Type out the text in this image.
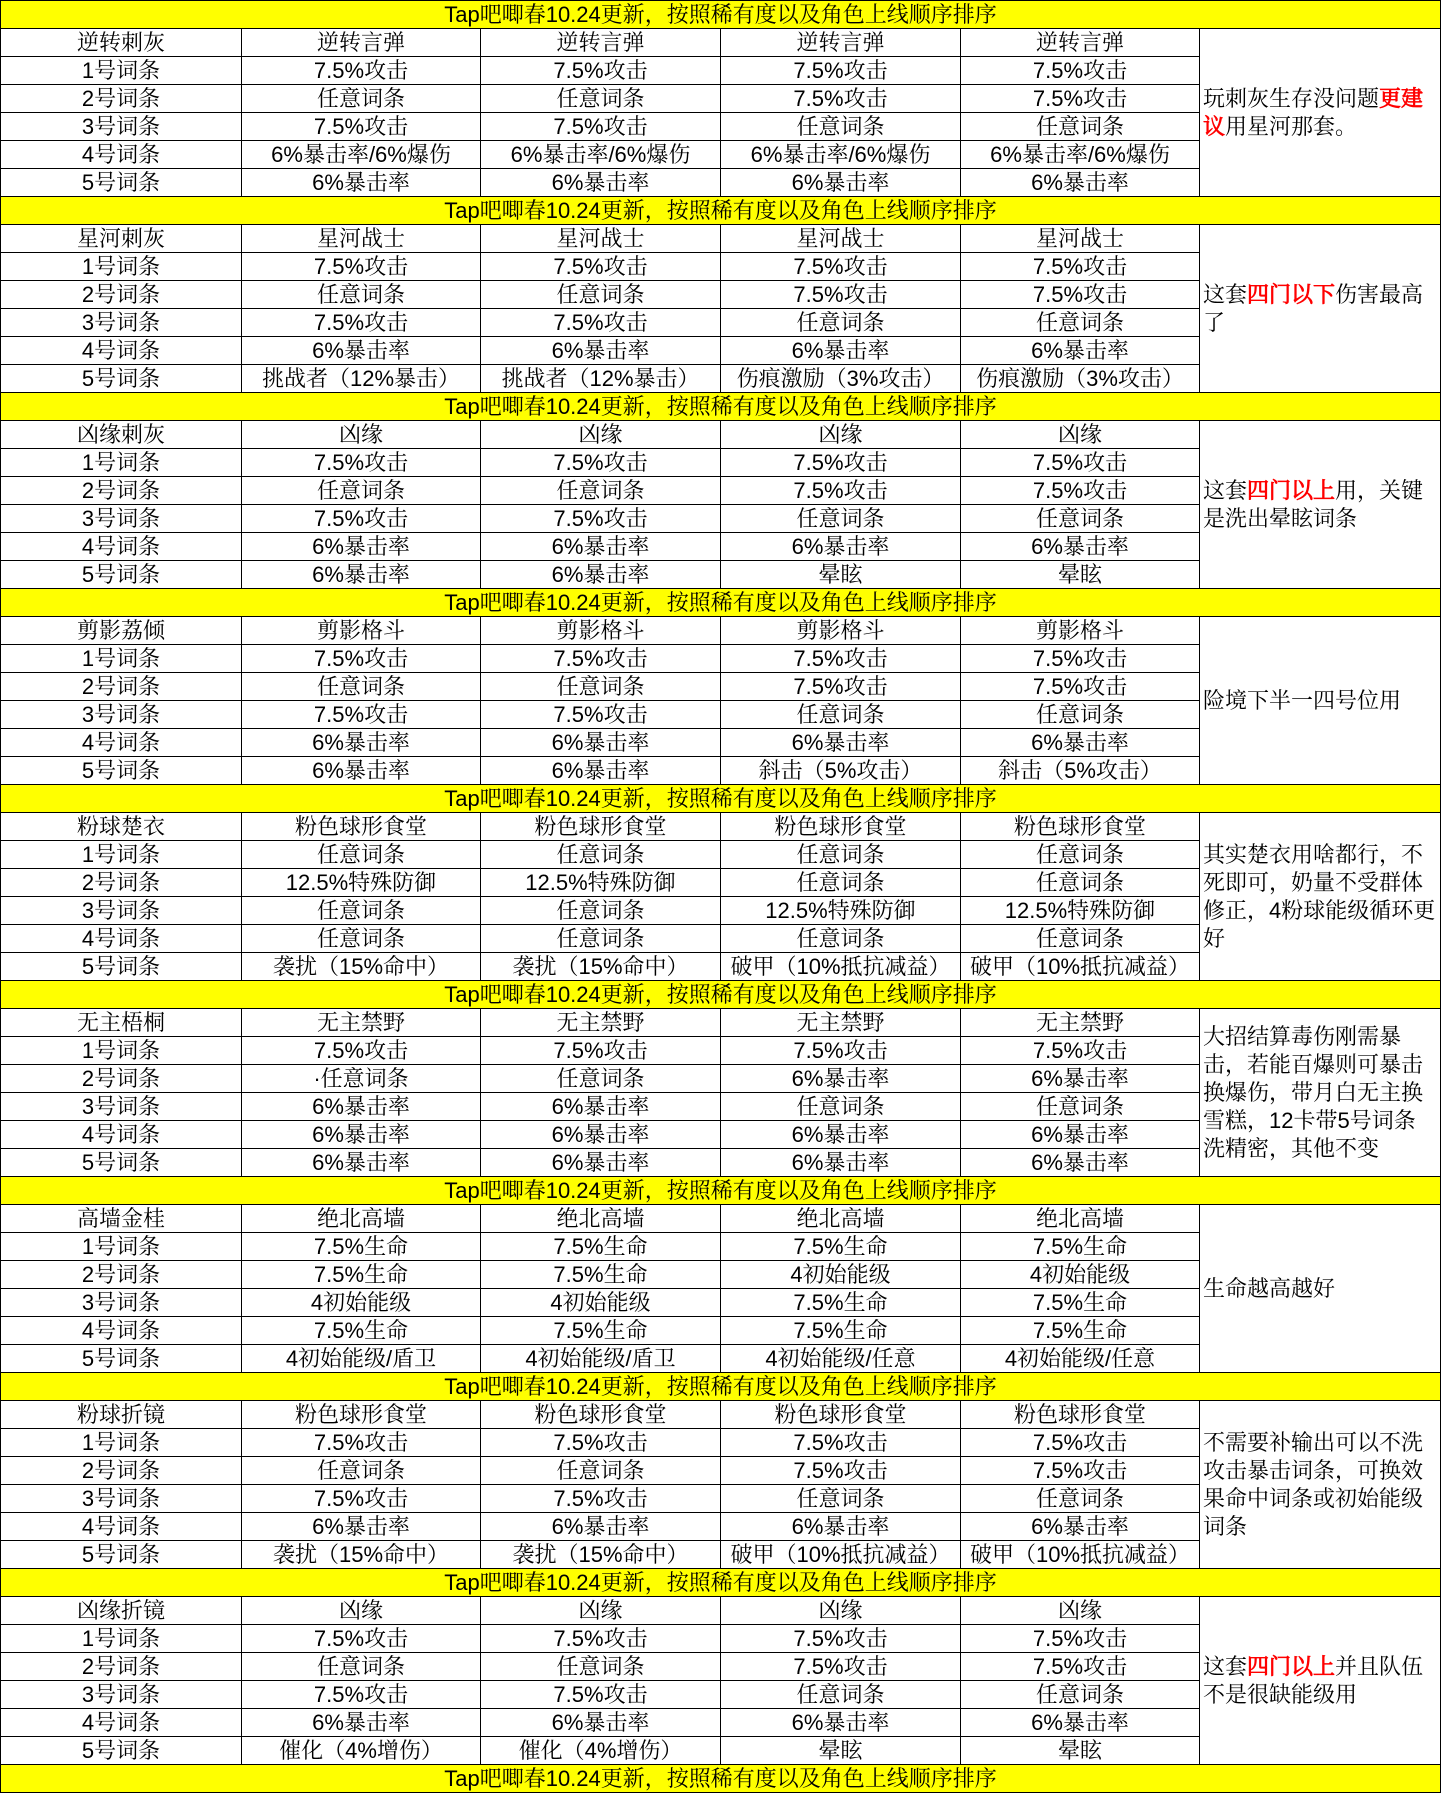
Tap吧唧春10.24更新，按照稀有度以及角色上线顺序排序
逆转刺灰	逆转言弹	逆转言弹	逆转言弹	逆转言弹
玩刺灰生存没问题更建议用星河那套。
1号词条	7.5%攻击	7.5%攻击	7.5%攻击	7.5%攻击
2号词条	任意词条	任意词条	7.5%攻击	7.5%攻击
3号词条	7.5%攻击	7.5%攻击	任意词条	任意词条
4号词条	6%暴击率/6%爆伤	6%暴击率/6%爆伤	6%暴击率/6%爆伤	6%暴击率/6%爆伤
5号词条	6%暴击率	6%暴击率	6%暴击率	6%暴击率
Tap吧唧春10.24更新，按照稀有度以及角色上线顺序排序
星河刺灰	星河战士	星河战士	星河战士	星河战士
这套四门以下伤害最高了
1号词条	7.5%攻击	7.5%攻击	7.5%攻击	7.5%攻击
2号词条	任意词条	任意词条	7.5%攻击	7.5%攻击
3号词条	7.5%攻击	7.5%攻击	任意词条	任意词条
4号词条	6%暴击率	6%暴击率	6%暴击率	6%暴击率
5号词条	挑战者（12%暴击）	挑战者（12%暴击）	伤痕激励（3%攻击）	伤痕激励（3%攻击）
Tap吧唧春10.24更新，按照稀有度以及角色上线顺序排序
凶缘刺灰	凶缘	凶缘	凶缘	凶缘
这套四门以上用，关键是洗出晕眩词条
1号词条	7.5%攻击	7.5%攻击	7.5%攻击	7.5%攻击
2号词条	任意词条	任意词条	7.5%攻击	7.5%攻击
3号词条	7.5%攻击	7.5%攻击	任意词条	任意词条
4号词条	6%暴击率	6%暴击率	6%暴击率	6%暴击率
5号词条	6%暴击率	6%暴击率	晕眩	晕眩
Tap吧唧春10.24更新，按照稀有度以及角色上线顺序排序
剪影荔倾	剪影格斗	剪影格斗	剪影格斗	剪影格斗
险境下半一四号位用
1号词条	7.5%攻击	7.5%攻击	7.5%攻击	7.5%攻击
2号词条	任意词条	任意词条	7.5%攻击	7.5%攻击
3号词条	7.5%攻击	7.5%攻击	任意词条	任意词条
4号词条	6%暴击率	6%暴击率	6%暴击率	6%暴击率
5号词条	6%暴击率	6%暴击率	斜击（5%攻击）	斜击（5%攻击）
Tap吧唧春10.24更新，按照稀有度以及角色上线顺序排序
粉球楚衣	粉色球形食堂	粉色球形食堂	粉色球形食堂	粉色球形食堂
其实楚衣用啥都行，不死即可，奶量不受群体修正，4粉球能级循环更好
1号词条	任意词条	任意词条	任意词条	任意词条
2号词条	12.5%特殊防御	12.5%特殊防御	任意词条	任意词条
3号词条	任意词条	任意词条	12.5%特殊防御	12.5%特殊防御
4号词条	任意词条	任意词条	任意词条	任意词条
5号词条	袭扰（15%命中）	袭扰（15%命中）	破甲（10%抵抗减益） 破甲（10%抵抗减益）
Tap吧唧春10.24更新，按照稀有度以及角色上线顺序排序
无主梧桐	无主禁野	无主禁野	无主禁野	无主禁野
大招结算毒伤刚需暴击，若能百爆则可暴击换爆伤，带月白无主换雪糕，12卡带5号词条洗精密，其他不变
1号词条	7.5%攻击	7.5%攻击	7.5%攻击	7.5%攻击
2号词条	·任意词条	任意词条	6%暴击率	6%暴击率
3号词条	6%暴击率	6%暴击率	任意词条	任意词条
4号词条	6%暴击率	6%暴击率	6%暴击率	6%暴击率
5号词条	6%暴击率	6%暴击率	6%暴击率	6%暴击率
Tap吧唧春10.24更新，按照稀有度以及角色上线顺序排序
高墙金桂	绝北高墙	绝北高墙	绝北高墙	绝北高墙
生命越高越好
1号词条	7.5%生命	7.5%生命	7.5%生命	7.5%生命
2号词条	7.5%生命	7.5%生命	4初始能级	4初始能级
3号词条	4初始能级	4初始能级	7.5%生命	7.5%生命
4号词条	7.5%生命	7.5%生命	7.5%生命	7.5%生命
5号词条	4初始能级/盾卫	4初始能级/盾卫	4初始能级/任意	4初始能级/任意
Tap吧唧春10.24更新，按照稀有度以及角色上线顺序排序
粉球折镜	粉色球形食堂	粉色球形食堂	粉色球形食堂	粉色球形食堂
不需要补输出可以不洗攻击暴击词条，可换效果命中词条或初始能级词条
1号词条	7.5%攻击	7.5%攻击	7.5%攻击	7.5%攻击
2号词条	任意词条	任意词条	7.5%攻击	7.5%攻击
3号词条	7.5%攻击	7.5%攻击	任意词条	任意词条
4号词条	6%暴击率	6%暴击率	6%暴击率	6%暴击率
5号词条	袭扰（15%命中）	袭扰（15%命中）	破甲（10%抵抗减益） 破甲（10%抵抗减益）
Tap吧唧春10.24更新，按照稀有度以及角色上线顺序排序
凶缘折镜	凶缘	凶缘	凶缘	凶缘
这套四门以上并且队伍不是很缺能级用
1号词条	7.5%攻击	7.5%攻击	7.5%攻击	7.5%攻击
2号词条	任意词条	任意词条	7.5%攻击	7.5%攻击
3号词条	7.5%攻击	7.5%攻击	任意词条	任意词条
4号词条	6%暴击率	6%暴击率	6%暴击率	6%暴击率
5号词条	催化（4%增伤）	催化（4%增伤）	晕眩	晕眩
Tap吧唧春10.24更新，按照稀有度以及角色上线顺序排序
